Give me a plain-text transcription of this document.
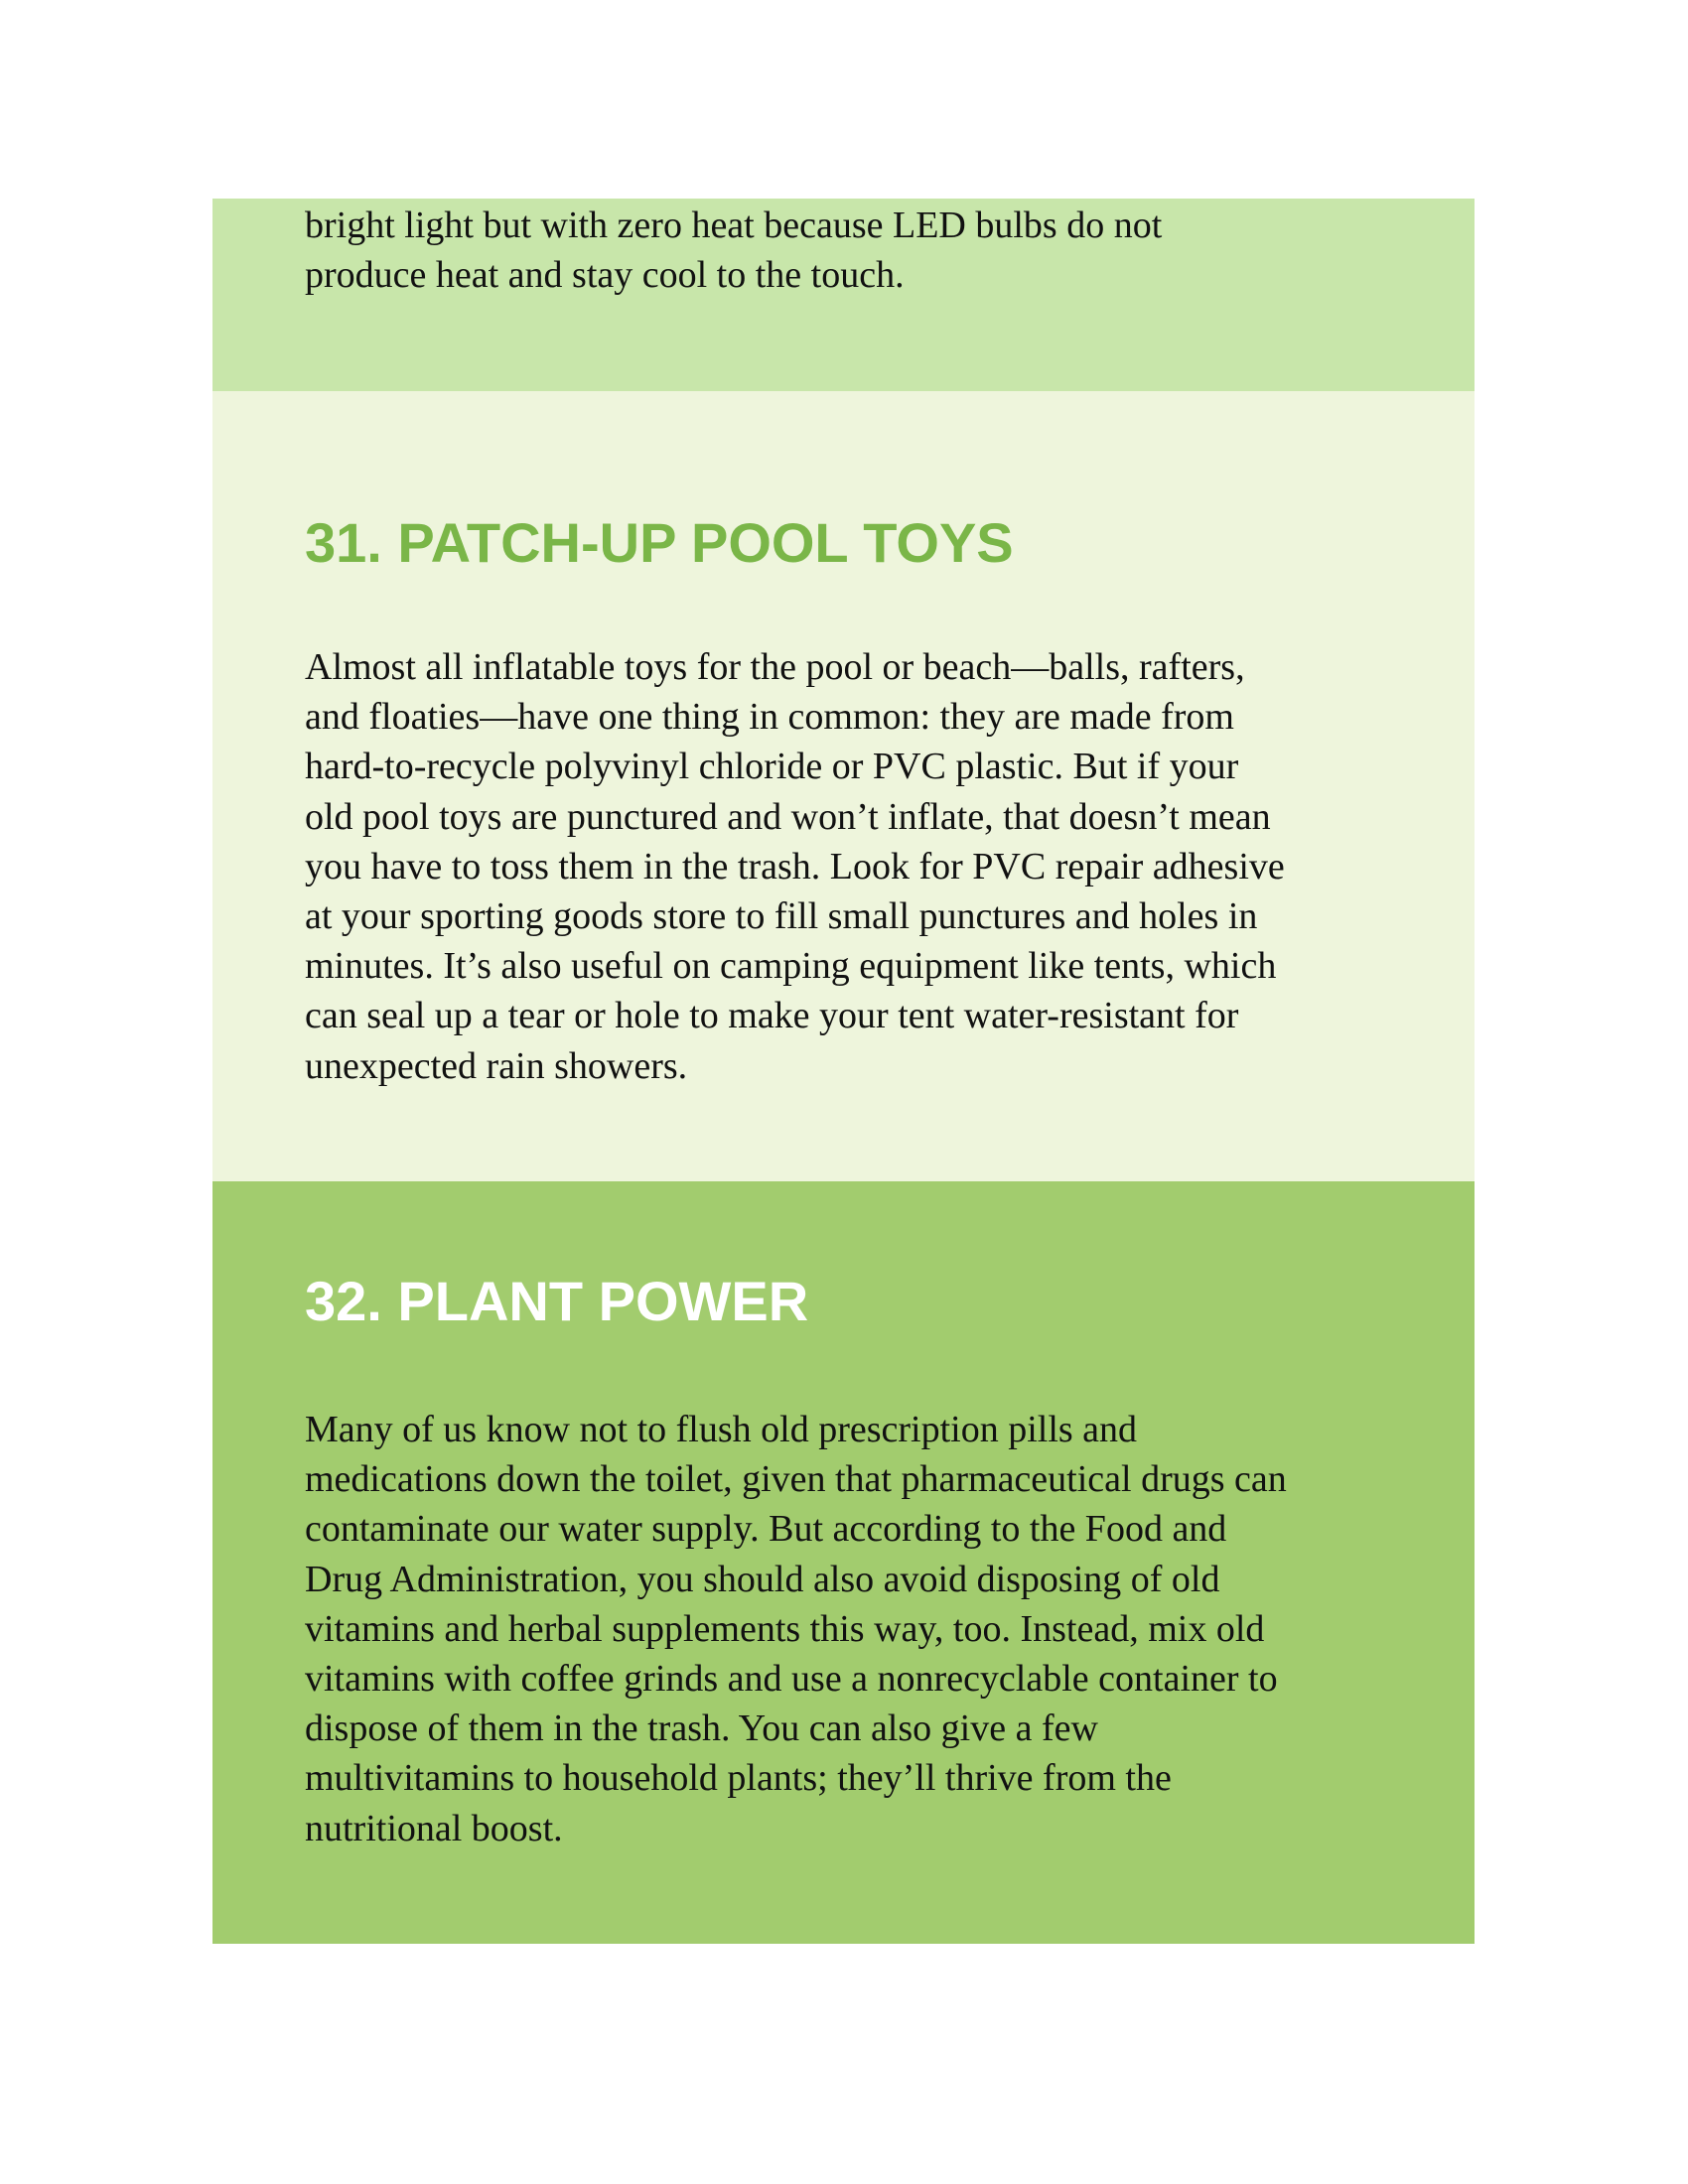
bright light but with zero heat because LED bulbs do not
produce heat and stay cool to the touch.

31. PATCH-UP POOL TOYS

Almost all inflatable toys for the pool or beach—balls, rafters,
and floaties—have one thing in common: they are made from
hard-to-recycle polyvinyl chloride or PVC plastic. But if your
old pool toys are punctured and won’t inflate, that doesn’t mean
you have to toss them in the trash. Look for PVC repair adhesive
at your sporting goods store to fill small punctures and holes in
minutes. It’s also useful on camping equipment like tents, which
can seal up a tear or hole to make your tent water-resistant for
unexpected rain showers.

32. PLANT POWER

Many of us know not to flush old prescription pills and
medications down the toilet, given that pharmaceutical drugs can
contaminate our water supply. But according to the Food and
Drug Administration, you should also avoid disposing of old
vitamins and herbal supplements this way, too. Instead, mix old
vitamins with coffee grinds and use a nonrecyclable container to
dispose of them in the trash. You can also give a few
multivitamins to household plants; they’ll thrive from the
nutritional boost.
